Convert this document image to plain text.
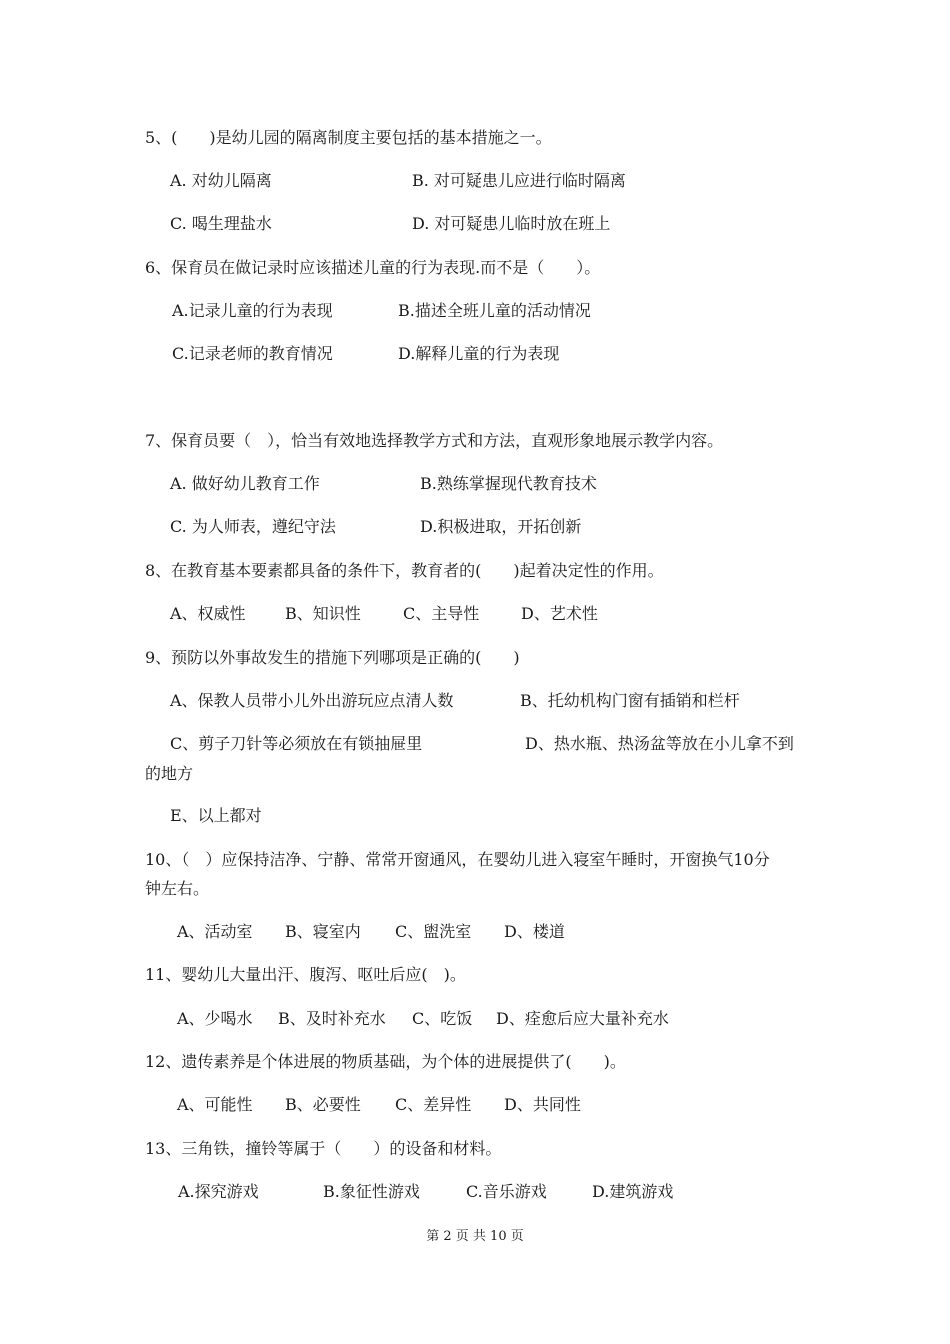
5、(　　)是幼儿园的隔离制度主要包括的基本措施之一。

A. 对幼儿隔离	B. 对可疑患儿应进行临时隔离

C. 喝生理盐水	D. 对可疑患儿临时放在班上

6、保育员在做记录时应该描述儿童的行为表现.而不是（　　）。

A.记录儿童的行为表现	B.描述全班儿童的活动情况

C.记录老师的教育情况	D.解释儿童的行为表现

7、保育员要（　），恰当有效地选择教学方式和方法，直观形象地展示教学内容。

A. 做好幼儿教育工作	B.熟练掌握现代教育技术

C. 为人师表，遵纪守法	D.积极进取，开拓创新

8、在教育基本要素都具备的条件下，教育者的(　　)起着决定性的作用。

A、权威性 B、知识性	C、主导性	D、艺术性

9、预防以外事故发生的措施下列哪项是正确的(　　)

A、保教人员带小儿外出游玩应点清人数	B、托幼机构门窗有插销和栏杆

C、剪子刀针等必须放在有锁抽屉里	D、热水瓶、热汤盆等放在小儿拿不到

的地方

E、以上都对

10、（　）应保持洁净、宁静、常常开窗通风，在婴幼儿进入寝室午睡时，开窗换气10分

钟左右。

A、活动室 B、寝室内 C、盥洗室 D、楼道

11、婴幼儿大量出汗、腹泻、呕吐后应(　)。

A、少喝水 B、及时补充水 C、吃饭 D、痊愈后应大量补充水

12、遗传素养是个体进展的物质基础，为个体的进展提供了(　　)。

A、可能性 B、必要性 C、差异性 D、共同性

13、三角铁，撞铃等属于（　　）的设备和材料。

A.探究游戏	B.象征性游戏	C.音乐游戏	D.建筑游戏

第 2 页 共 10 页
